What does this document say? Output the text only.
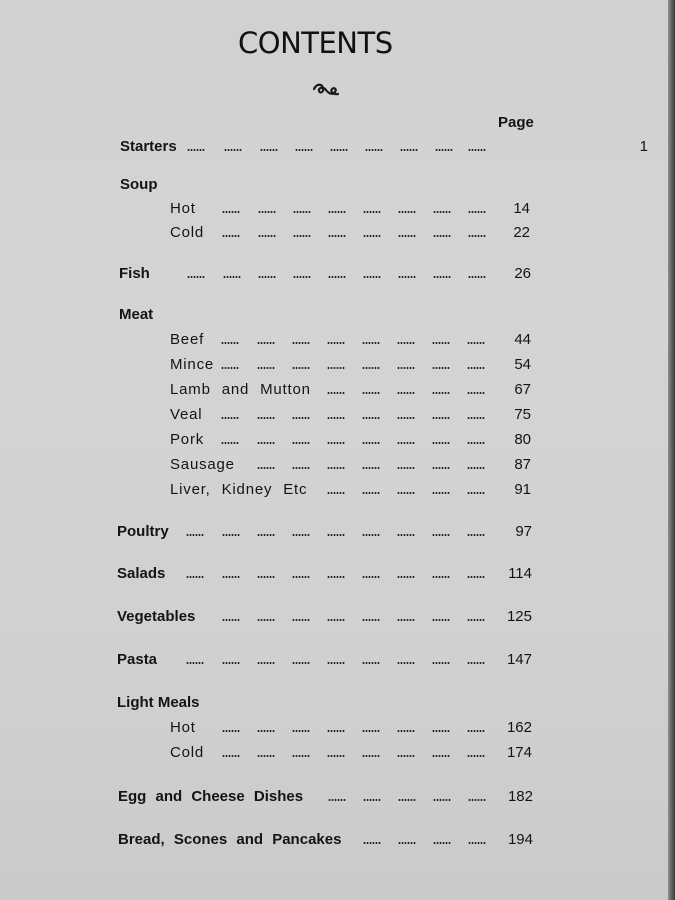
CONTENTS
Page
Starters	1
Soup
Hot	14
Cold	22
Fish	26
Meat
Beef	44
Mince	54
Lamb and Mutton	67
Veal	75
Pork	80
Sausage	87
Liver, Kidney Etc	91
Poultry	97
Salads	114
Vegetables	125
Pasta	147
Light Meals
Hot	162
Cold	174
Egg and Cheese Dishes	182
Bread, Scones and Pancakes	194
